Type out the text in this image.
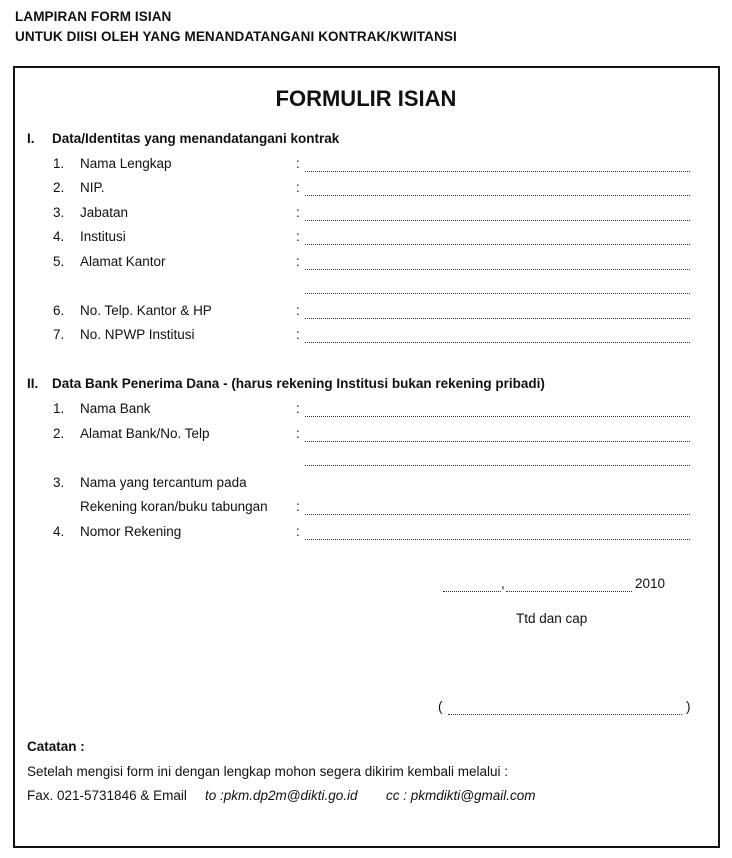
LAMPIRAN FORM ISIAN
UNTUK DIISI OLEH YANG MENANDATANGANI KONTRAK/KWITANSI
FORMULIR ISIAN
I. Data/Identitas yang menandatangani kontrak
1. Nama Lengkap	:
2. NIP.	:
3. Jabatan	:
4. Institusi	:
5. Alamat Kantor	:
6. No. Telp. Kantor & HP	:
7. No. NPWP Institusi	:
II. Data Bank Penerima Dana - (harus rekening Institusi bukan rekening pribadi)
1. Nama Bank	:
2. Alamat Bank/No. Telp	:
3. Nama yang tercantum pada
Rekening koran/buku tabungan :
4. Nomor Rekening	:
,	2010
Ttd dan cap
(	)
Catatan :
Setelah mengisi form ini dengan lengkap mohon segera dikirim kembali melalui :
Fax. 021-5731846 & Email to :pkm.dp2m@dikti.go.id cc : pkmdikti@gmail.com
